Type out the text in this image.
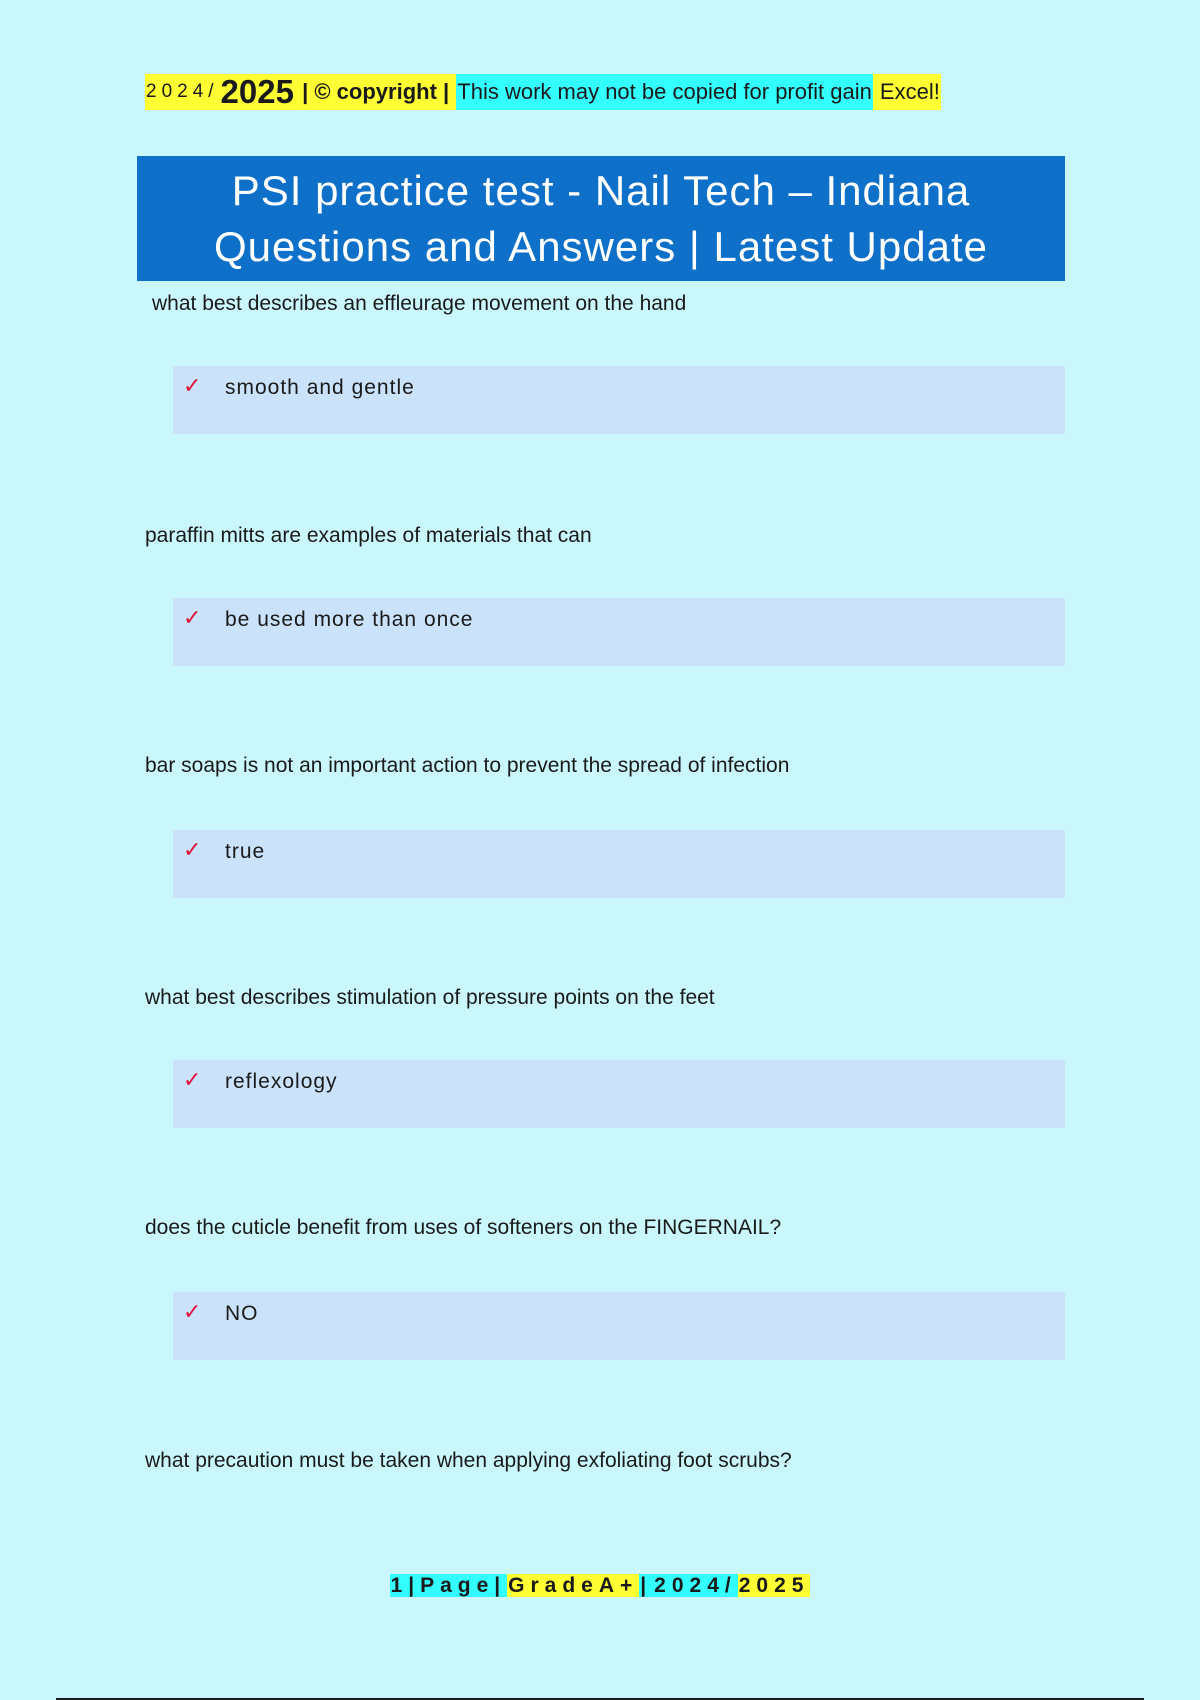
2024/ 2025 | © copyright | This work may not be copied for profit gain Excel!
PSI practice test - Nail Tech – Indiana
Questions and Answers | Latest Update
what best describes an effleurage movement on the hand
✓ smooth and gentle
paraffin mitts are examples of materials that can
✓ be used more than once
bar soaps is not an important action to prevent the spread of infection
✓ true
what best describes stimulation of pressure points on the feet
✓ reflexology
does the cuticle benefit from uses of softeners on the FINGERNAIL?
✓ NO
what precaution must be taken when applying exfoliating foot scrubs?
1|Page|GradeA+|2024/2025
